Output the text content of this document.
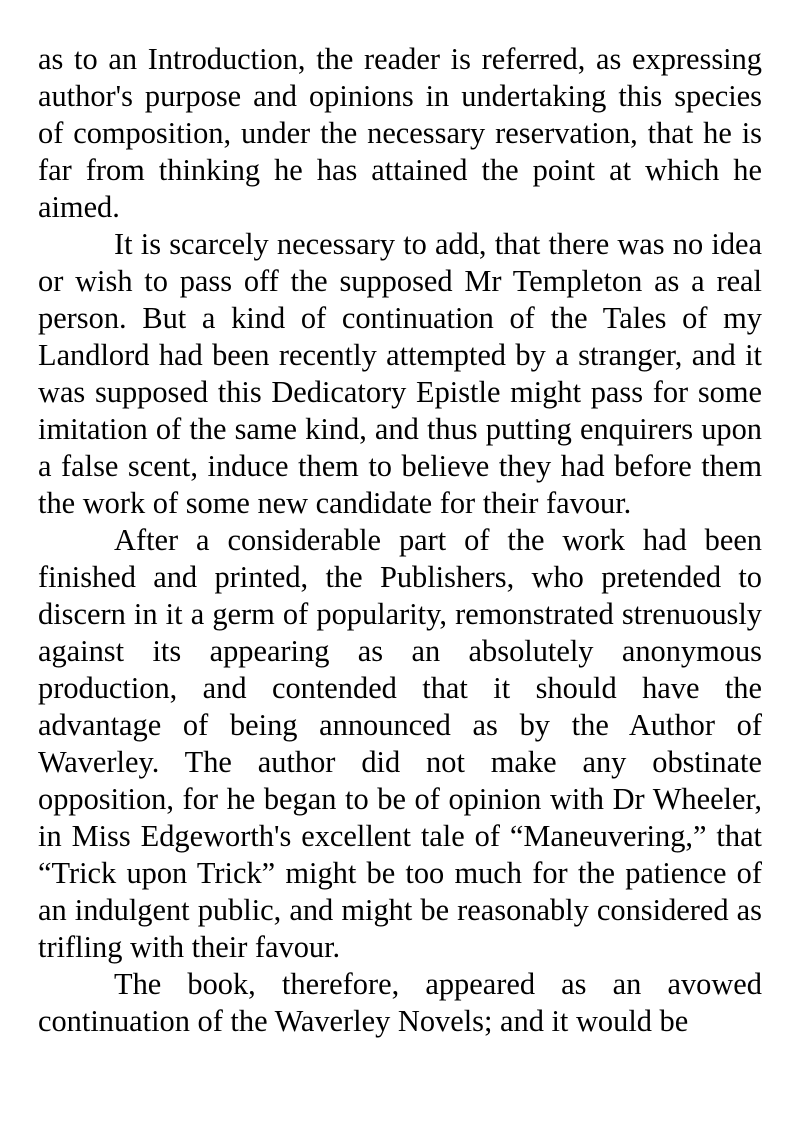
as to an Introduction, the reader is referred, as expressing author's purpose and opinions in undertaking this species of composition, under the necessary reservation, that he is far from thinking he has attained the point at which he aimed.

It is scarcely necessary to add, that there was no idea or wish to pass off the supposed Mr Templeton as a real person. But a kind of continuation of the Tales of my Landlord had been recently attempted by a stranger, and it was supposed this Dedicatory Epistle might pass for some imitation of the same kind, and thus putting enquirers upon a false scent, induce them to believe they had before them the work of some new candidate for their favour.

After a considerable part of the work had been finished and printed, the Publishers, who pretended to discern in it a germ of popularity, remonstrated strenuously against its appearing as an absolutely anonymous production, and contended that it should have the advantage of being announced as by the Author of Waverley. The author did not make any obstinate opposition, for he began to be of opinion with Dr Wheeler, in Miss Edgeworth's excellent tale of “Maneuvering,” that “Trick upon Trick” might be too much for the patience of an indulgent public, and might be reasonably considered as trifling with their favour.

The book, therefore, appeared as an avowed continuation of the Waverley Novels; and it would be
